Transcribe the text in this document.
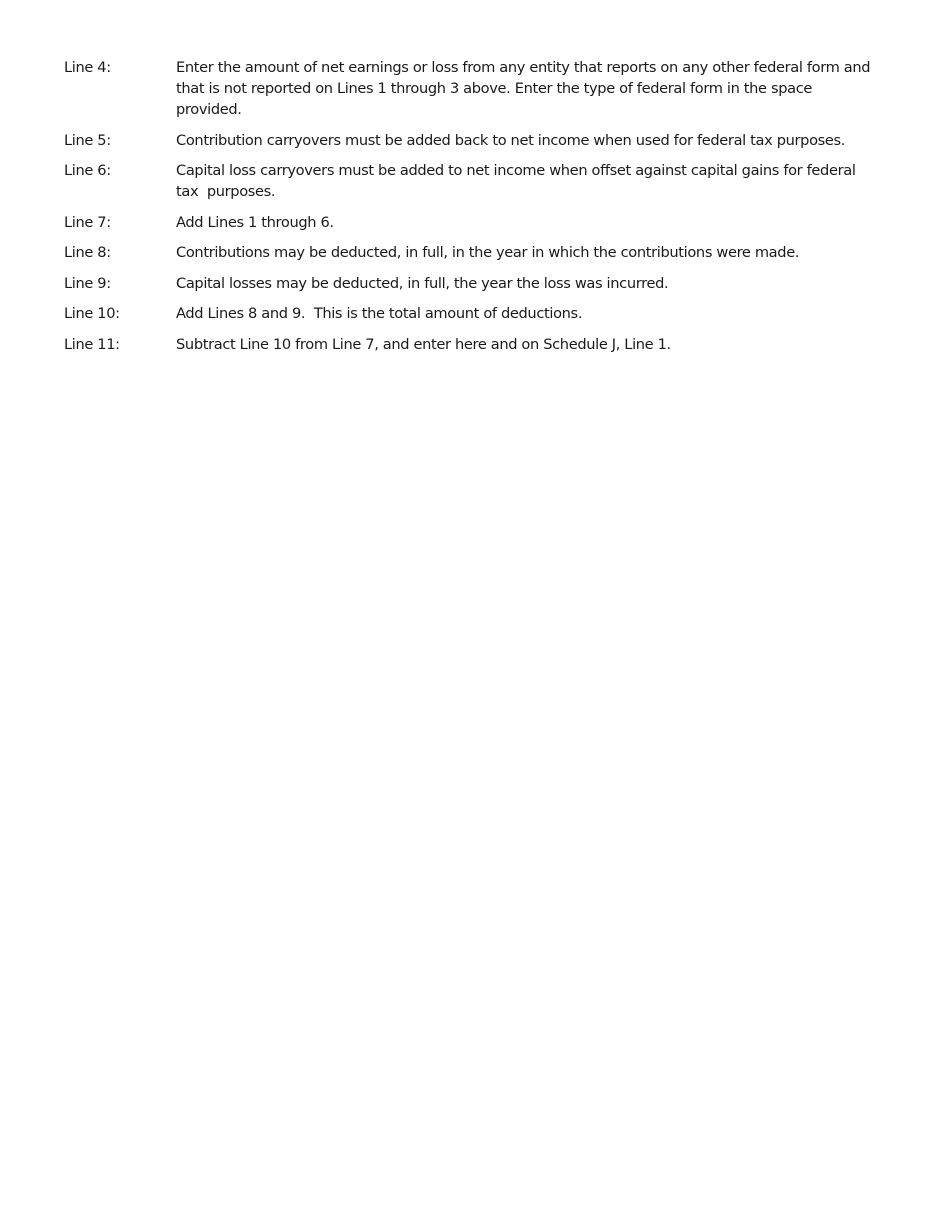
Line 4:	Enter the amount of net earnings or loss from any entity that reports on any other federal form and that is not reported on Lines 1 through 3 above. Enter the type of federal form in the space provided.
Line 5:	Contribution carryovers must be added back to net income when used for federal tax purposes.
Line 6:	Capital loss carryovers must be added to net income when offset against capital gains for federal tax  purposes.
Line 7:	Add Lines 1 through 6.
Line 8:	Contributions may be deducted, in full, in the year in which the contributions were made.
Line 9:	Capital losses may be deducted, in full, the year the loss was incurred.
Line 10:	Add Lines 8 and 9.  This is the total amount of deductions.
Line 11:	Subtract Line 10 from Line 7, and enter here and on Schedule J, Line 1.
